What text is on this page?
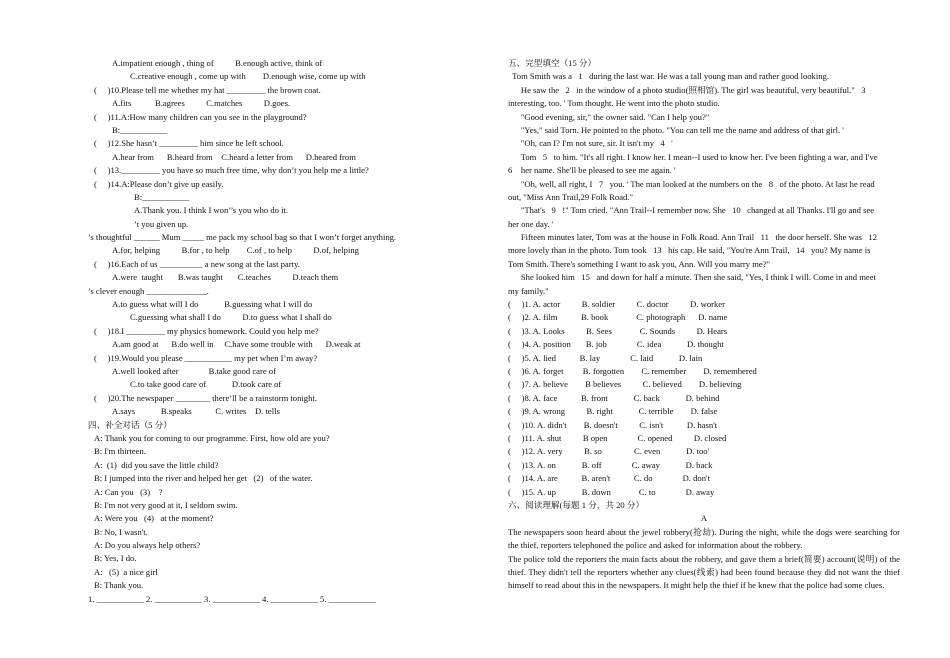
A.impatient enough , thing of          B.enough active, think of
C.creative enough , come up with        D.enough wise, come up with
(     )10.Please tell me whether my hat _________ the brown coat.
A.fits           B.agrees          C.matches          D.goes.
(     )11.A:How many children can you see in the playground?
B:___________
(     )12.She hasn’t _________ him since he left school.
A.hear from      B.heard from    C.heard a letter from      D.heared from
(     )13._________ you have so much free time, why don’t you help me a little?
(     )14.A:Please don’t give up easily.
B:___________
A.Thank you. I think I won’’s you who do it.
’t you given up.
’s thoughtful ______ Mum _____ me pack my school bag so that I won’t forget anything.
A.for, helping          B.for , to help        C.of , to help          D.of, helping
(     )16.Each of us __________ a new song at the last party.
A.were  taught       B.was taught       C.teaches          D.teach them
’s clever enough ______________.
A.to guess what will I do            B.guessing what I will do
C.guessing what shall I do          D.to guess what I shall do
(     )18.I _________ my physics homework. Could you help me?
A.am good at      B.do well in     C.have some trouble with      D.weak at
(     )19.Would you please ___________ my pet when I’m away?
A.well looked after              B.take good care of
C.to take good care of            D.took care of
(     )20.The newspaper ________ there’ll be a rainstorm tonight.
A.says            B.speaks           C. writes    D. tells
四、补全对话（5 分）
A: Thank you for coming to our programme. First, how old are you?
B: I'm thirteen.
A:  (1)  did you save the little child?
B: I jumped into the river and helped her get   (2)   of the water.
A: Can you   (3)    ?
B: I'm not very good at it, I seldom swim.
A: Were you   (4)   at the moment?
B: No, I wasn't.
A: Do you always help others?
B: Yes, I do.
A:   (5)  a nice girl
B: Thank you.
1. ___________ 2. ___________ 3. ___________ 4. ___________ 5. ___________
五、完型填空（15 分）
Tom Smith was a   1   during the last war. He was a tall young man and rather good looking.
He saw the   2   in the window of a photo studio(照相馆). The girl was beautiful, very beautiful."   3
interesting, too. ' Tom thought. He went into the photo studio.
"Good evening, sir," the owner said. "Can I help you?"
"Yes," said Torn. He pointed to the photo. "You can tell me the name and address of that girl. '
"Oh, can I? I'm not sure, sir. It isn't my   4   '
Tom   5   to him. "It's all right. I know her. I mean--I used to know her. I've been fighting a war, and I've
6    her name. She'll be pleased to see me again. '
"Oh, well, all right, I   7   you. ' The man looked at the numbers on the   8   of the photo. At last he read
out, "Miss Ann Trail,29 Folk Road."
"That's   9   !" Tom cried. "Ann Trail--I remember now. She   10   changed at all Thanks. I'll go and see
her one day. '
Fifteen minutes later, Tom was at the house in Folk Road. Ann Trail   11   the door herself. She was   12
more lovely than in the photo. Tom took   13   his cap. He said, "You're Ann Trail,   14   you? My name is
Tom Smith. There's something I want to ask you, Ann. Will you marry me?"
She looked him   15   and down for half a minute. Then she said, "Yes, I think I will. Come in and meet
my family."
(     )1. A. actor          B. soldier          C. doctor          D. worker
(     )2. A. film           B. book             C. photograph      D. name
(     )3. A. Looks          B. Sees             C. Sounds          D. Hears
(     )4. A. position       B. job              C. idea            D. thought
(     )5. A. lied           B. lay              C. laid            D. lain
(     )6. A. forget         B. forgotten        C. remember        D. remembered
(     )7. A. believe        B believes          C. believed        D. believing
(     )8. A. face           B. front            C. back            D. behind
(     )9. A. wrong          B. right            C. terrible        D. false
(     )10. A. didn't        B. doesn't          C. isn't           D. hasn't
(     )11. A. shut          B open              C. opened          D. closed
(     )12. A. very          B. so               C. even            D. too'
(     )13. A. on            B. off              C. away            D. back
(     )14. A. are           B. aren't           C. do              D. don't
(     )15. A. up            B. down             C. to              D. away
六、阅读理解(每题 1 分，共 20 分）
A
The newspapers soon heard about the jewel robbery(抢劫). During the night, while the dogs were searching for the thief, reporters telephoned the police and asked for information about the robbery.
The police told the reporters the main facts about the robbery, and gave them a brief(简要) account(说明) of the thief. They didn't tell the reporters whether any clues(线索) had been found because they did not want the thief himself to read about this in the newspapers. It might help the thief if he knew that the police had some clues.
